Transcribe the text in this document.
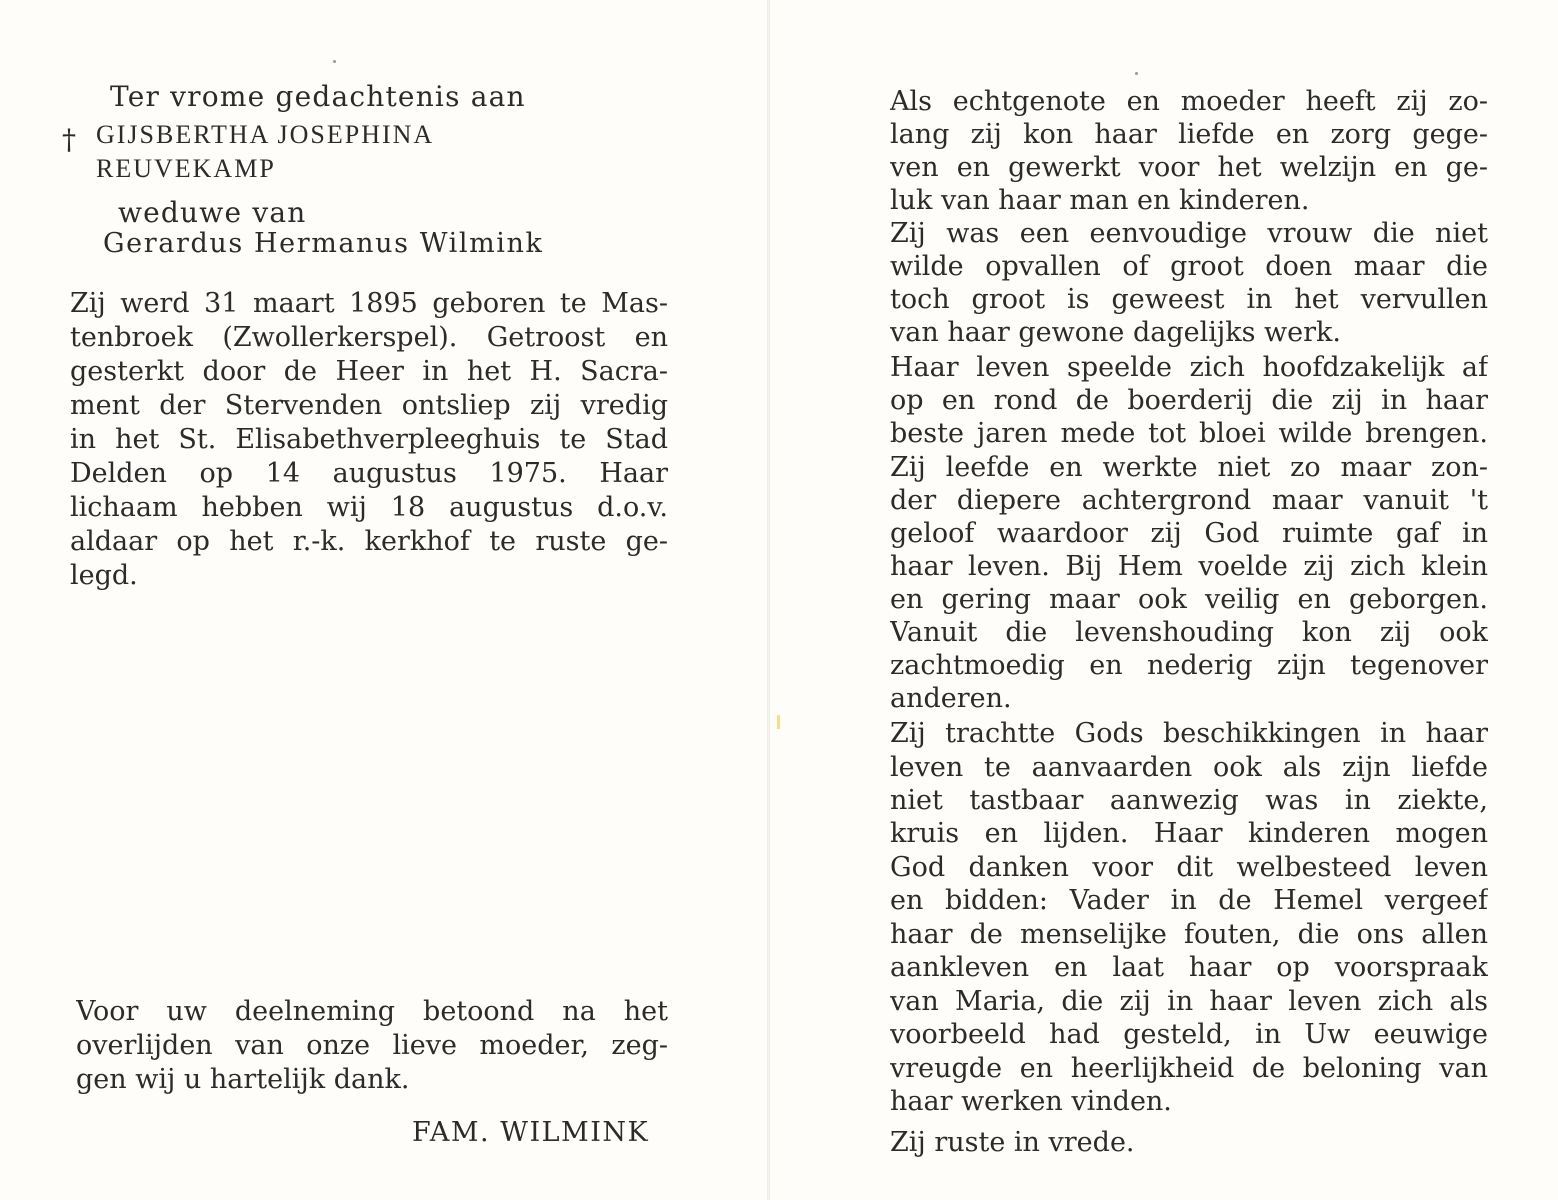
Ter vrome gedachtenis aan
† GIJSBERTHA JOSEPHINA
REUVEKAMP
weduwe van
Gerardus Hermanus Wilmink
Zij werd 31 maart 1895 geboren te Mas-
tenbroek (Zwollerkerspel). Getroost en
gesterkt door de Heer in het H. Sacra-
ment der Stervenden ontsliep zij vredig
in het St. Elisabethverpleeghuis te Stad
Delden op 14 augustus 1975. Haar
lichaam hebben wij 18 augustus d.o.v.
aldaar op het r.-k. kerkhof te ruste ge-
legd.
Voor uw deelneming betoond na het
overlijden van onze lieve moeder, zeg-
gen wij u hartelijk dank.
FAM. WILMINK
Als echtgenote en moeder heeft zij zo-
lang zij kon haar liefde en zorg gege-
ven en gewerkt voor het welzijn en ge-
luk van haar man en kinderen.
Zij was een eenvoudige vrouw die niet
wilde opvallen of groot doen maar die
toch groot is geweest in het vervullen
van haar gewone dagelijks werk.
Haar leven speelde zich hoofdzakelijk af
op en rond de boerderij die zij in haar
beste jaren mede tot bloei wilde brengen.
Zij leefde en werkte niet zo maar zon-
der diepere achtergrond maar vanuit 't
geloof waardoor zij God ruimte gaf in
haar leven. Bij Hem voelde zij zich klein
en gering maar ook veilig en geborgen.
Vanuit die levenshouding kon zij ook
zachtmoedig en nederig zijn tegenover
anderen.
Zij trachtte Gods beschikkingen in haar
leven te aanvaarden ook als zijn liefde
niet tastbaar aanwezig was in ziekte,
kruis en lijden. Haar kinderen mogen
God danken voor dit welbesteed leven
en bidden: Vader in de Hemel vergeef
haar de menselijke fouten, die ons allen
aankleven en laat haar op voorspraak
van Maria, die zij in haar leven zich als
voorbeeld had gesteld, in Uw eeuwige
vreugde en heerlijkheid de beloning van
haar werken vinden.
Zij ruste in vrede.
